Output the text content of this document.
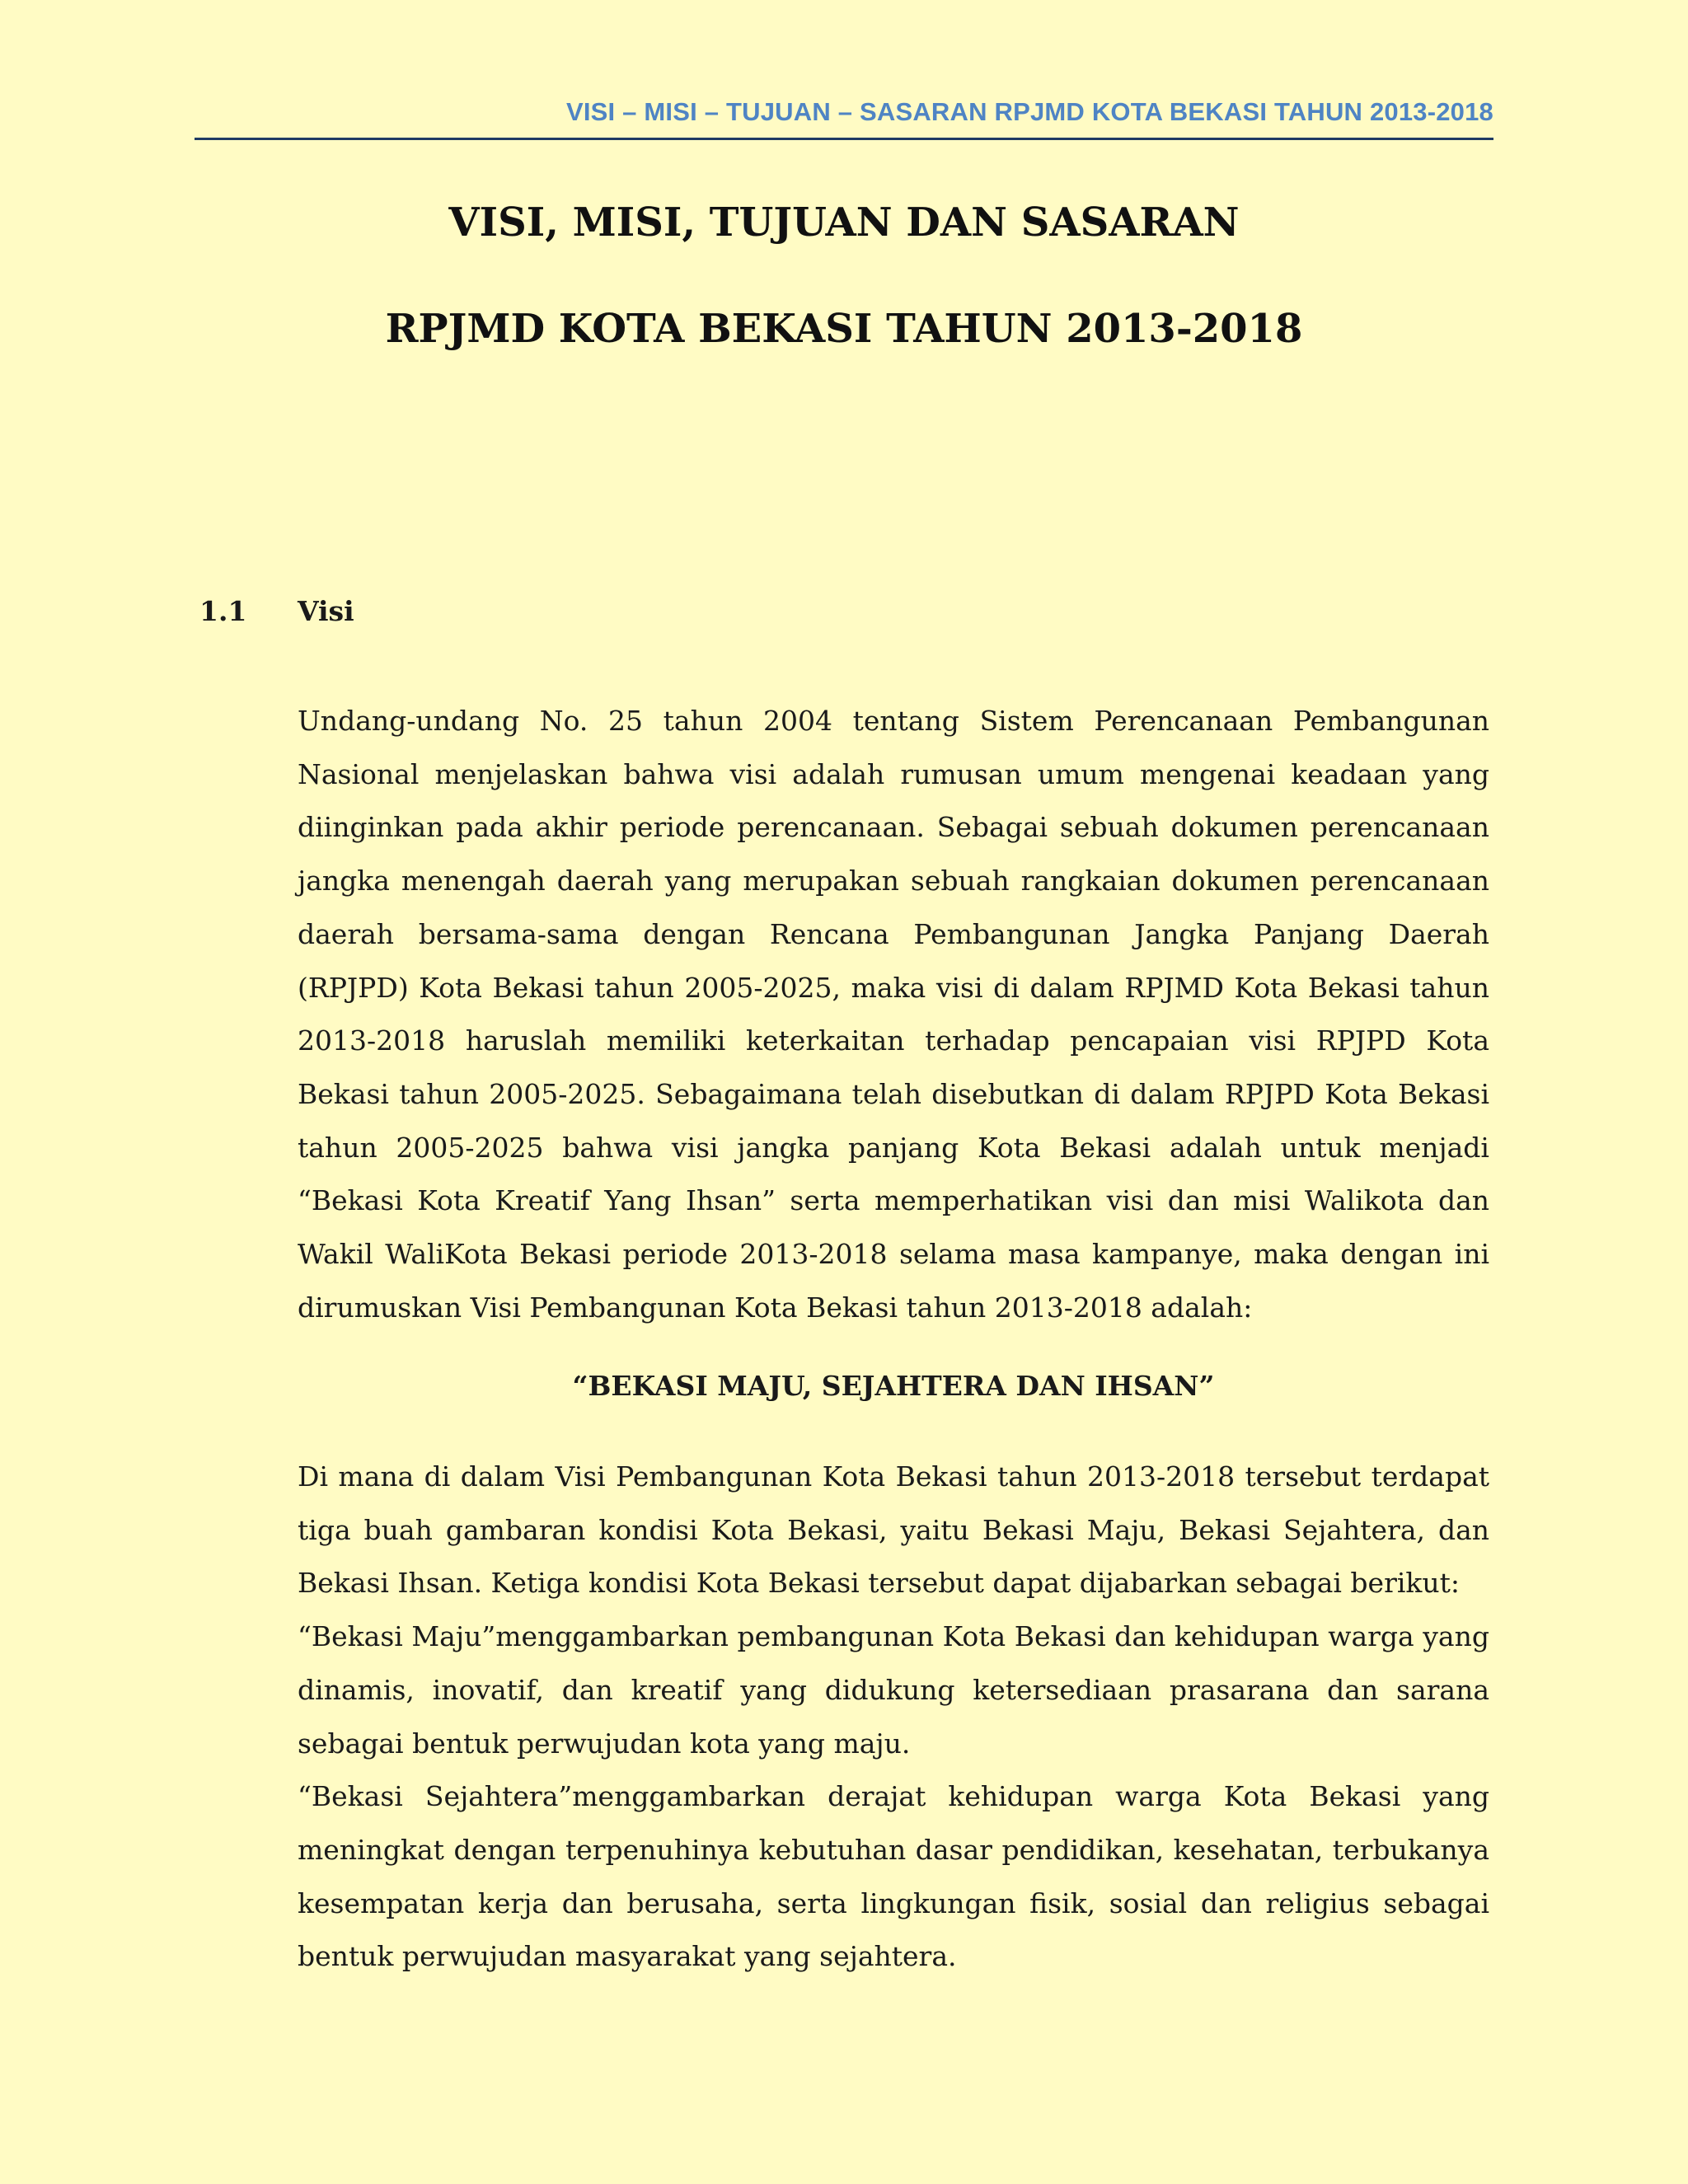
VISI – MISI – TUJUAN – SASARAN RPJMD KOTA BEKASI TAHUN 2013-2018
VISI, MISI, TUJUAN DAN SASARAN
RPJMD KOTA BEKASI TAHUN 2013-2018
1.1 Visi

Undang-undang No. 25 tahun 2004 tentang Sistem Perencanaan Pembangunan Nasional menjelaskan bahwa visi adalah rumusan umum mengenai keadaan yang diinginkan pada akhir periode perencanaan. Sebagai sebuah dokumen perencanaan jangka menengah daerah yang merupakan sebuah rangkaian dokumen perencanaan daerah bersama-sama dengan Rencana Pembangunan Jangka Panjang Daerah (RPJPD) Kota Bekasi tahun 2005-2025, maka visi di dalam RPJMD Kota Bekasi tahun 2013-2018 haruslah memiliki keterkaitan terhadap pencapaian visi RPJPD Kota Bekasi tahun 2005-2025. Sebagaimana telah disebutkan di dalam RPJPD Kota Bekasi tahun 2005-2025 bahwa visi jangka panjang Kota Bekasi adalah untuk menjadi “Bekasi Kota Kreatif Yang Ihsan” serta memperhatikan visi dan misi Walikota dan Wakil WaliKota Bekasi periode 2013-2018 selama masa kampanye, maka dengan ini dirumuskan Visi Pembangunan Kota Bekasi tahun 2013-2018 adalah:

“BEKASI MAJU, SEJAHTERA DAN IHSAN”

Di mana di dalam Visi Pembangunan Kota Bekasi tahun 2013-2018 tersebut terdapat tiga buah gambaran kondisi Kota Bekasi, yaitu Bekasi Maju, Bekasi Sejahtera, dan Bekasi Ihsan. Ketiga kondisi Kota Bekasi tersebut dapat dijabarkan sebagai berikut:

“Bekasi Maju”menggambarkan pembangunan Kota Bekasi dan kehidupan warga yang dinamis, inovatif, dan kreatif yang didukung ketersediaan prasarana dan sarana sebagai bentuk perwujudan kota yang maju.

“Bekasi Sejahtera”menggambarkan derajat kehidupan warga Kota Bekasi yang meningkat dengan terpenuhinya kebutuhan dasar pendidikan, kesehatan, terbukanya kesempatan kerja dan berusaha, serta lingkungan fisik, sosial dan religius sebagai bentuk perwujudan masyarakat yang sejahtera.
